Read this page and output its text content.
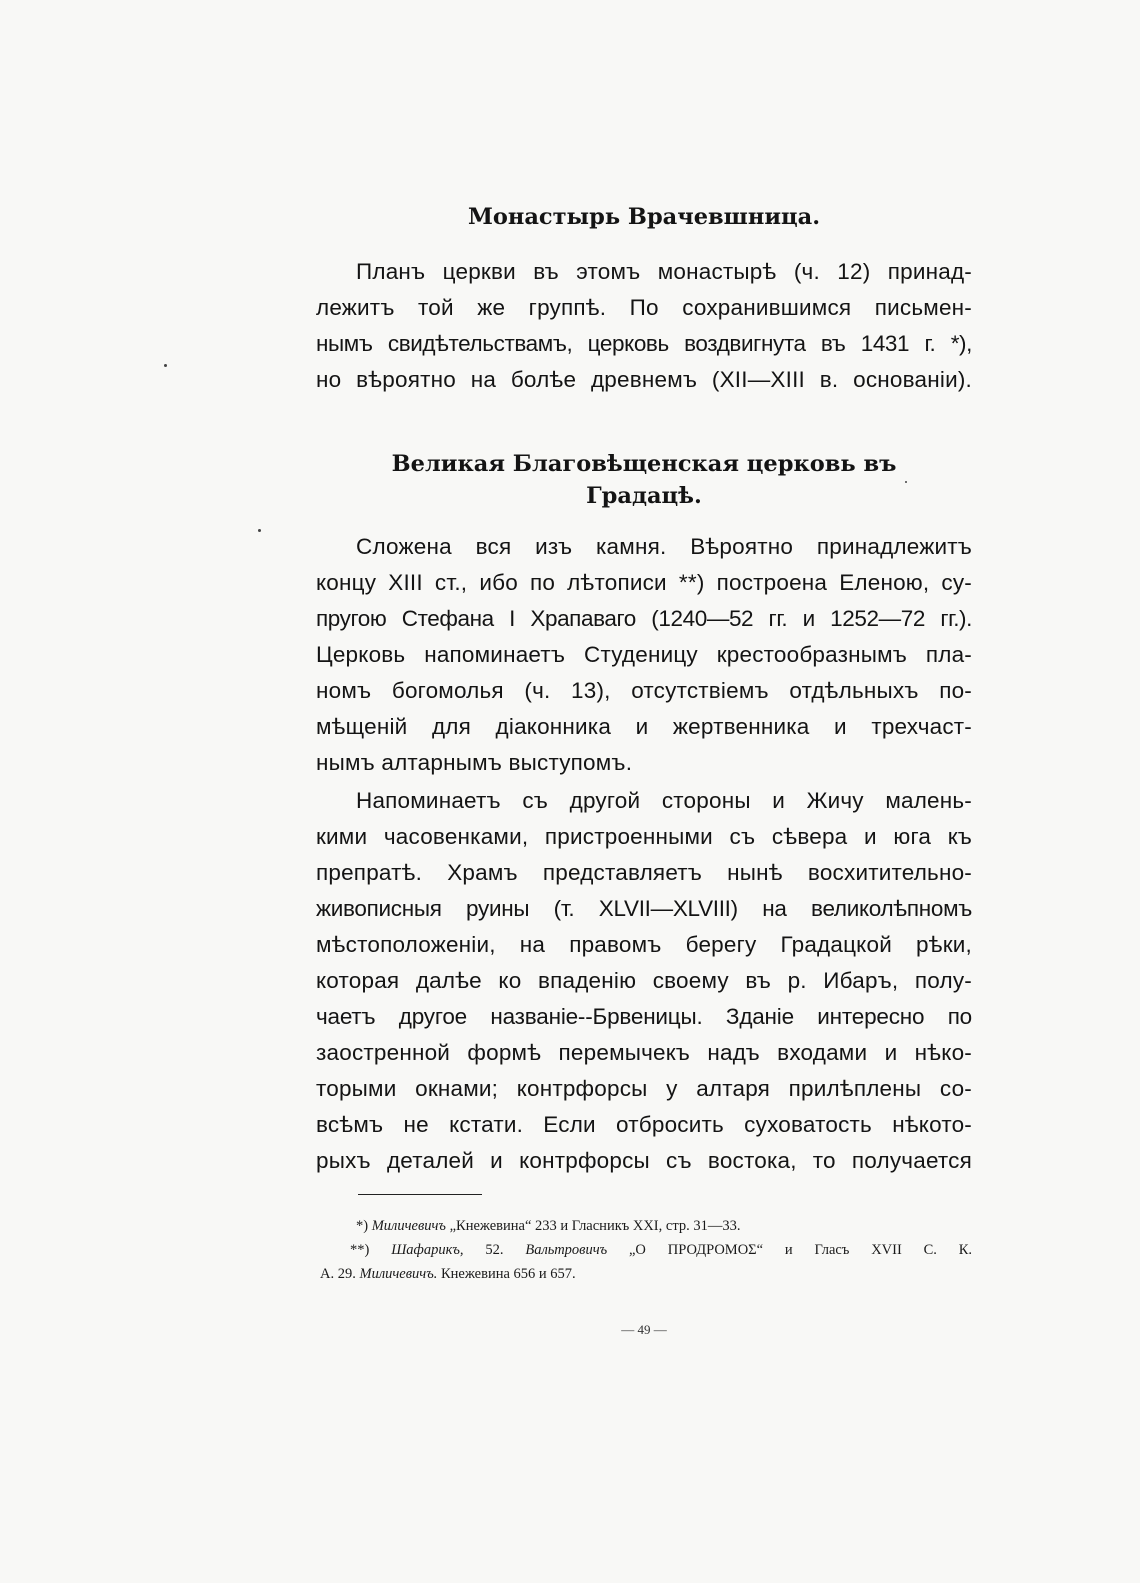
Монастырь Врачевшница.
Планъ церкви въ этомъ монастырѣ (ч. 12) принад-
лежитъ той же группѣ. По сохранившимся письмен-
нымъ свидѣтельствамъ, церковь воздвигнута въ 1431 г. *),
но вѣроятно на болѣе древнемъ (XII—XIII в. основаніи).
Великая Благовѣщенская церковь въ
Градацѣ.
Сложена вся изъ камня. Вѣроятно принадлежитъ
концу XIII ст., ибо по лѣтописи **) построена Еленою, су-
пругою Стефана I Храпаваго (1240—52 гг. и 1252—72 гг.).
Церковь напоминаетъ Студеницу крестообразнымъ пла-
номъ богомолья (ч. 13), отсутствіемъ отдѣльныхъ по-
мѣщеній для діаконника и жертвенника и трехчаст-
нымъ алтарнымъ выступомъ.
Напоминаетъ съ другой стороны и Жичу малень-
кими часовенками, пристроенными съ сѣвера и юга къ
препратѣ. Храмъ представляетъ нынѣ восхитительно-
живописныя руины (т. XLVII—XLVIII) на великолѣпномъ
мѣстоположеніи, на правомъ берегу Градацкой рѣки,
которая далѣе ко впаденію своему въ р. Ибаръ, полу-
чаетъ другое названіе--Брвеницы. Зданіе интересно по
заостренной формѣ перемычекъ надъ входами и нѣко-
торыми окнами; контрфорсы у алтаря прилѣплены со-
всѣмъ не кстати. Если отбросить суховатость нѣкото-
рыхъ деталей и контрфорсы съ востока, то получается
*) Миличевичъ „Кнежевина“ 233 и Гласникъ XXI, стр. 31—33.
**) Шафарикъ, 52. Вальтровичъ „О ПРОДРОМОΣ“ и Гласъ XVII С. К.
А. 29. Миличевичъ. Кнежевина 656 и 657.
— 49 —
